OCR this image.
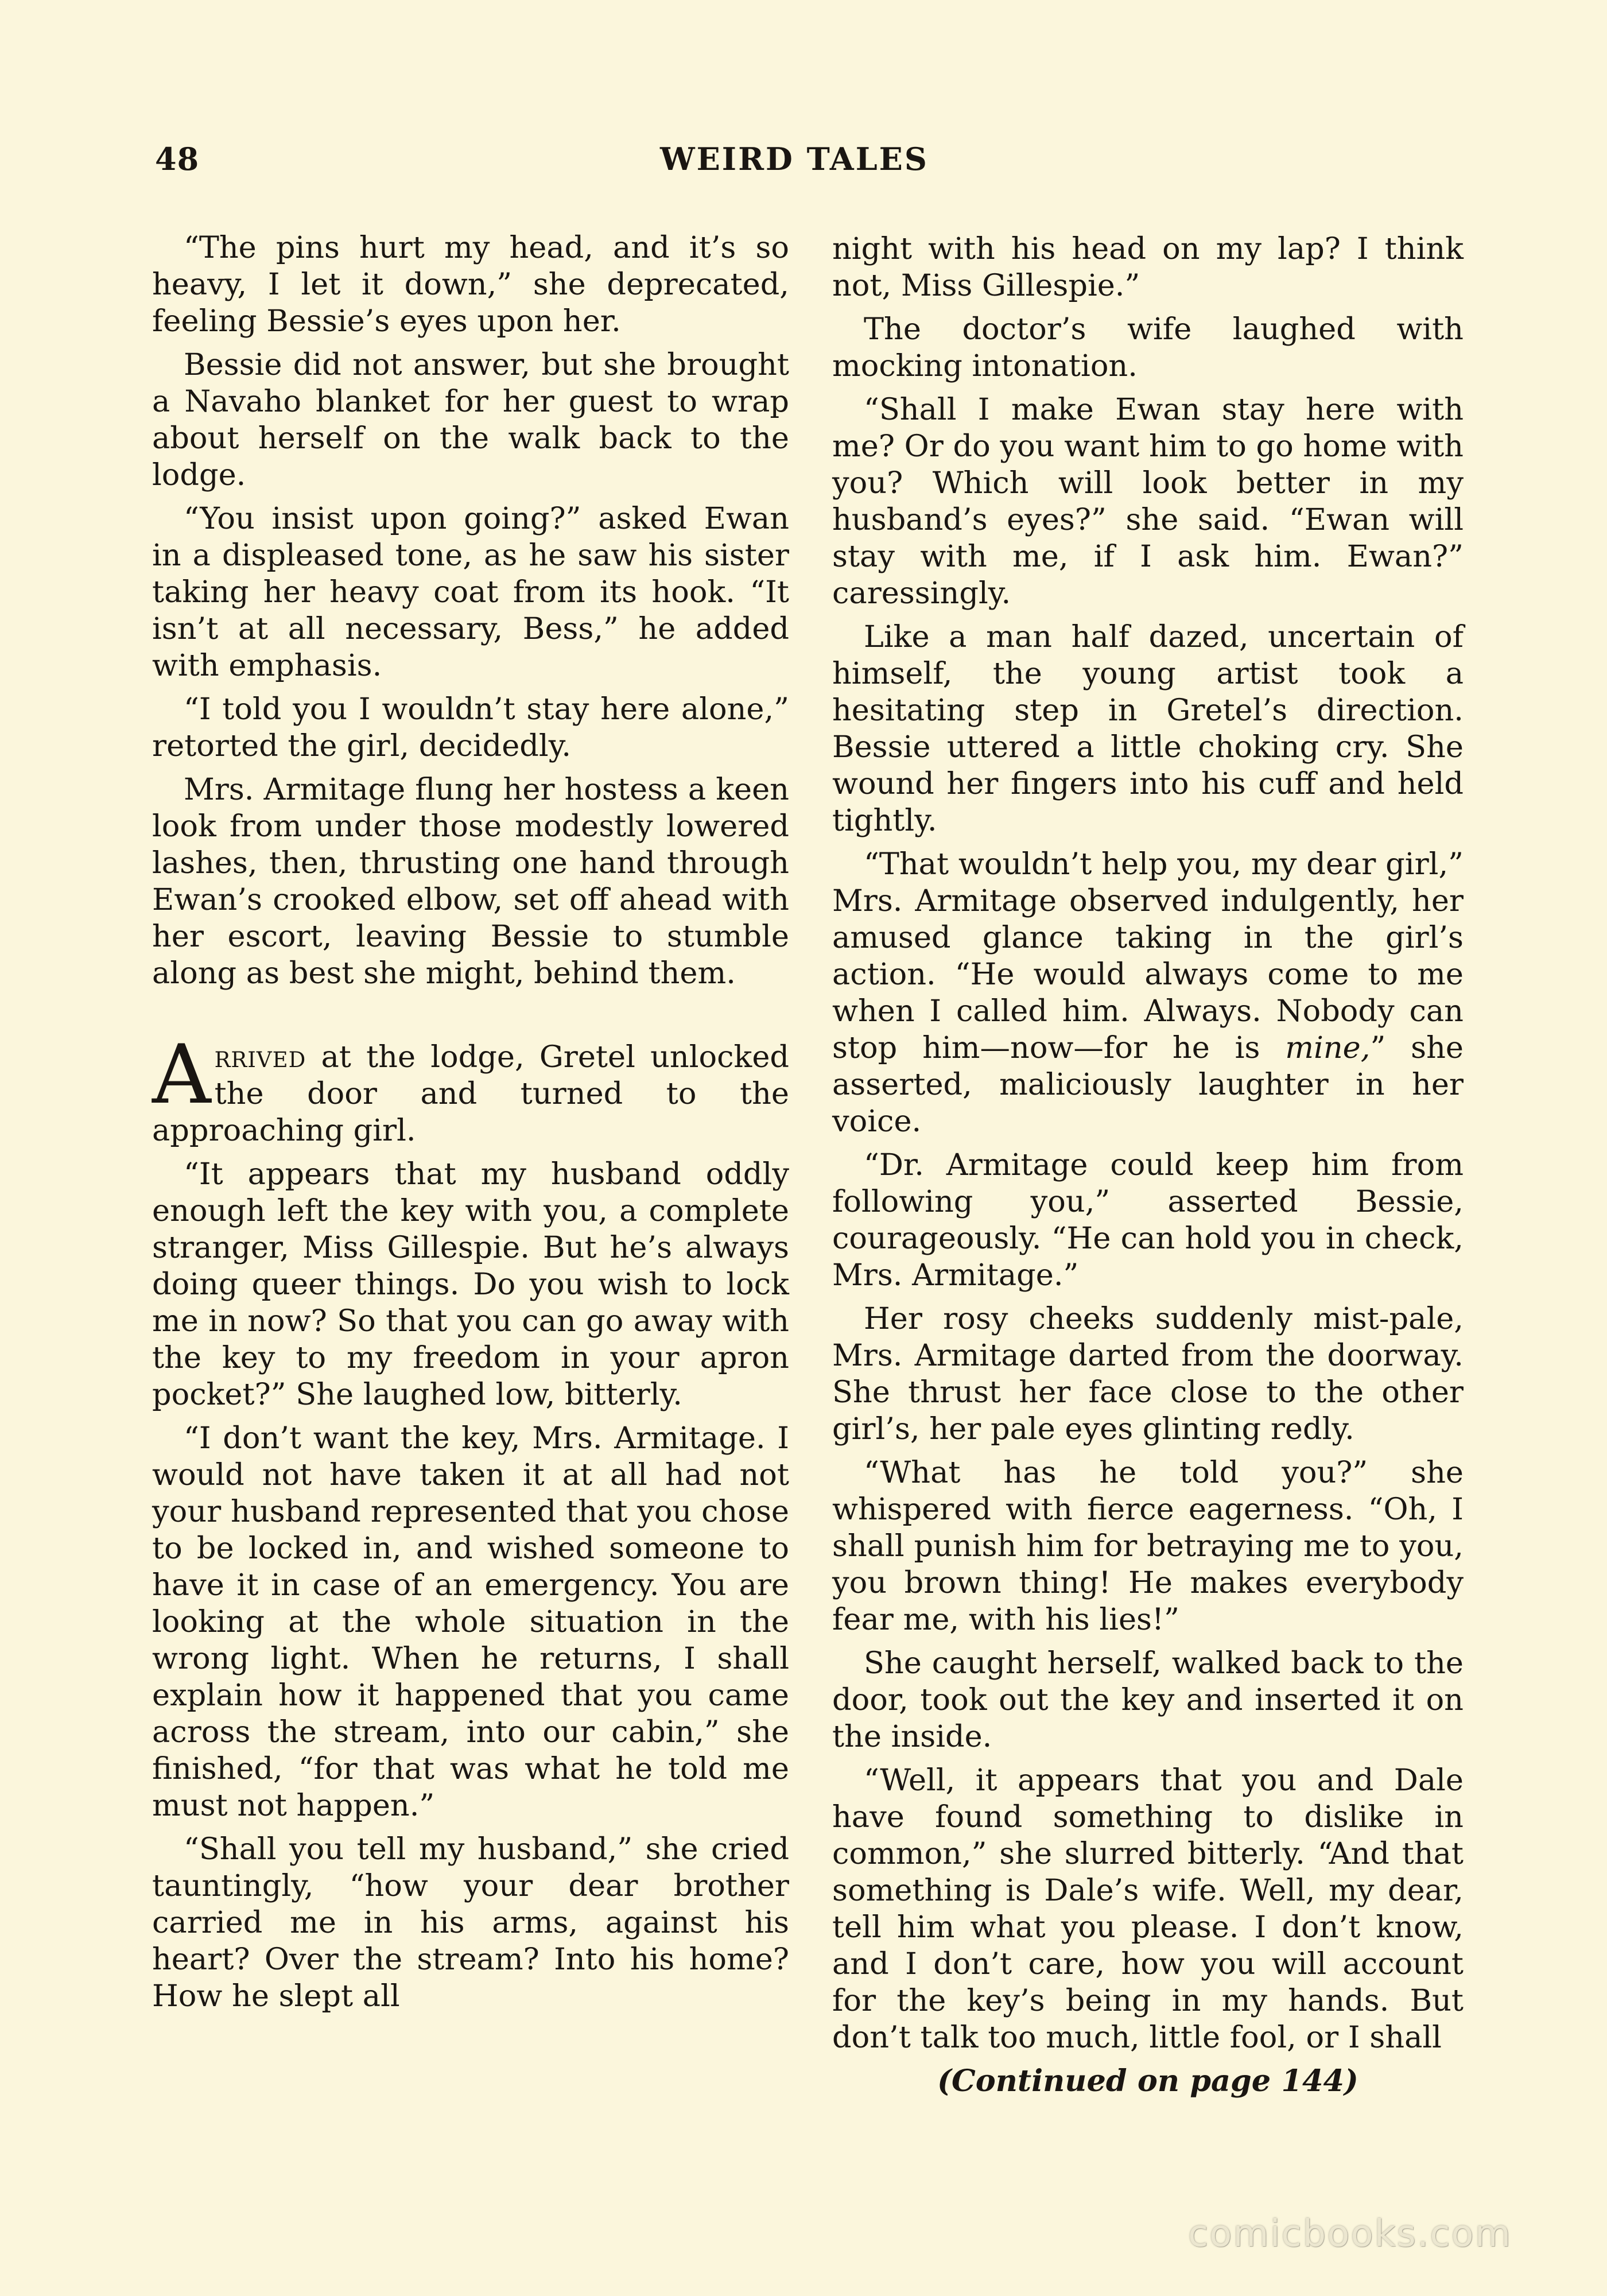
48	WEIRD TALES

“The pins hurt my head, and it’s so heavy, I let it down,” she deprecated, feeling Bessie’s eyes upon her.

Bessie did not answer, but she brought a Navaho blanket for her guest to wrap about herself on the walk back to the lodge.

“You insist upon going?” asked Ewan in a displeased tone, as he saw his sister taking her heavy coat from its hook. “It isn’t at all necessary, Bess,” he added with emphasis.

“I told you I wouldn’t stay here alone,” retorted the girl, decidedly.

Mrs. Armitage flung her hostess a keen look from under those modestly lowered lashes, then, thrusting one hand through Ewan’s crooked elbow, set off ahead with her escort, leaving Bessie to stumble along as best she might, behind them.

Arrived at the lodge, Gretel unlocked the door and turned to the approaching girl.

“It appears that my husband oddly enough left the key with you, a complete stranger, Miss Gillespie. But he’s always doing queer things. Do you wish to lock me in now? So that you can go away with the key to my freedom in your apron pocket?” She laughed low, bitterly.

“I don’t want the key, Mrs. Armitage. I would not have taken it at all had not your husband represented that you chose to be locked in, and wished someone to have it in case of an emergency. You are looking at the whole situation in the wrong light. When he returns, I shall explain how it happened that you came across the stream, into our cabin,” she finished, “for that was what he told me must not happen.”

“Shall you tell my husband,” she cried tauntingly, “how your dear brother carried me in his arms, against his heart? Over the stream? Into his home? How he slept all

night with his head on my lap? I think not, Miss Gillespie.”

The doctor’s wife laughed with mocking intonation.

“Shall I make Ewan stay here with me? Or do you want him to go home with you? Which will look better in my husband’s eyes?” she said. “Ewan will stay with me, if I ask him. Ewan?” caressingly.

Like a man half dazed, uncertain of himself, the young artist took a hesitating step in Gretel’s direction. Bessie uttered a little choking cry. She wound her fingers into his cuff and held tightly.

“That wouldn’t help you, my dear girl,” Mrs. Armitage observed indulgently, her amused glance taking in the girl’s action. “He would always come to me when I called him. Always. Nobody can stop him—now—for he is mine,” she asserted, maliciously laughter in her voice.

“Dr. Armitage could keep him from following you,” asserted Bessie, courageously. “He can hold you in check, Mrs. Armitage.”

Her rosy cheeks suddenly mist-pale, Mrs. Armitage darted from the doorway. She thrust her face close to the other girl’s, her pale eyes glinting redly.

“What has he told you?” she whispered with fierce eagerness. “Oh, I shall punish him for betraying me to you, you brown thing! He makes everybody fear me, with his lies!”

She caught herself, walked back to the door, took out the key and inserted it on the inside.

“Well, it appears that you and Dale have found something to dislike in common,” she slurred bitterly. “And that something is Dale’s wife. Well, my dear, tell him what you please. I don’t know, and I don’t care, how you will account for the key’s being in my hands. But don’t talk too much, little fool, or I shall

(Continued on page 144)

comicbooks.com
